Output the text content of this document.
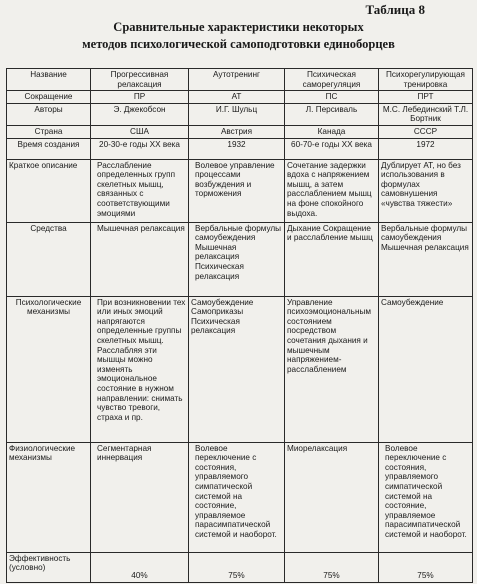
Таблица 8
Сравнительные характеристики некоторых
методов психологической самоподготовки единоборцев
Название	Прогрессивная релаксация	Аутотренинг	Психическая саморегуляция	Психорегулирующая тренировка
Сокращение	ПР	АТ	ПС	ПРТ
Авторы	Э. Джекобсон	И.Г. Шульц	Л. Персиваль	М.С. Лебединский Т.Л. Бортник
Страна	США	Австрия	Канада	СССР
Время создания	20-30-е годы XX века	1932	60-70-е годы XX века	1972
Краткое описание	Расслабление определенных групп скелетных мышц, связанных с соответствующими эмоциями	Волевое управление процессами возбуждения и торможения	Сочетание задержки вдоха с напряжением мышц, а затем расслаблением мышц на фоне спокойного выдоха.	Дублирует АТ, но без использования в формулах самовнушения «чувства тяжести»
Средства	Мышечная релаксация	Вербальные формулы самоубеждения Мышечная релаксация Психическая релаксация	Дыхание Сокращение и расслабление мышц	Вербальные формулы самоубеждения Мышечная релаксация
Психологические механизмы	При возникновении тех или иных эмоций напрягаются определенные группы скелетных мышц. Расслабляя эти мышцы можно изменять эмоциональное состояние в нужном направлении: снимать чувство тревоги, страха и пр.	Самоубеждение Самоприказы Психическая релаксация	Управление психоэмоциональным состоянием посредством сочетания дыхания и мышечным напряжением-расслаблением	Самоубеждение
Физиологические механизмы	Сегментарная иннервация	Волевое переключение с состояния, управляемого симпатической системой на состояние, управляемое парасимпатической системой и наоборот.	Миорелаксация	Волевое переключение с состояния, управляемого симпатической системой на состояние, управляемое парасимпатической системой и наоборот.
Эффективность (условно)	40%	75%	75%	75%
